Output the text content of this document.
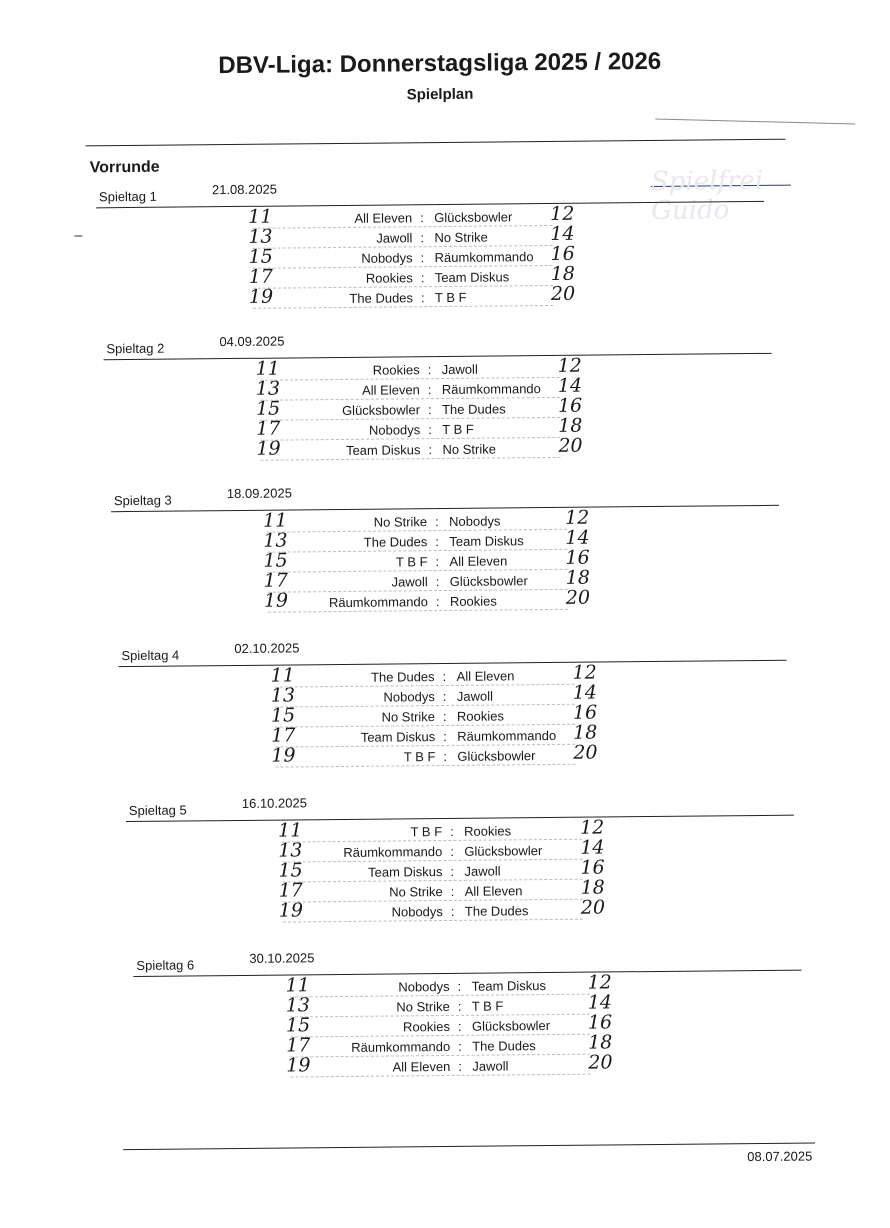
DBV-Liga: Donnerstagsliga 2025 / 2026
Spielplan
Spielfrei
Guido
Vorrunde
Spieltag 1	21.08.2025
11	All Eleven : Glücksbowler	12
13	Jawoll : No Strike	14
15	Nobodys : Räumkommando 16
17	Rookies : Team Diskus	18
19	The Dudes : T B F	20
Spieltag 2	04.09.2025
11	Rookies : Jawoll	12
13	All Eleven : Räumkommando 14
15	Glücksbowler : The Dudes	16
17	Nobodys : T B F	18
19	Team Diskus : No Strike	20
Spieltag 3	18.09.2025
11	No Strike : Nobodys	12
13	The Dudes : Team Diskus	14
15	T B F : All Eleven	16
17	Jawoll : Glücksbowler	18
19	Räumkommando : Rookies	20
Spieltag 4	02.10.2025
11	The Dudes : All Eleven	12
13	Nobodys : Jawoll	14
15	No Strike : Rookies	16
17	Team Diskus : Räumkommando 18
19	T B F : Glücksbowler	20
Spieltag 5	16.10.2025
11	T B F : Rookies	12
13	Räumkommando : Glücksbowler	14
15	Team Diskus : Jawoll	16
17	No Strike : All Eleven	18
19	Nobodys : The Dudes	20
Spieltag 6	30.10.2025
11	Nobodys : Team Diskus	12
13	No Strike : T B F	14
15	Rookies : Glücksbowler	16
17	Räumkommando : The Dudes	18
19	All Eleven : Jawoll	20
08.07.2025
